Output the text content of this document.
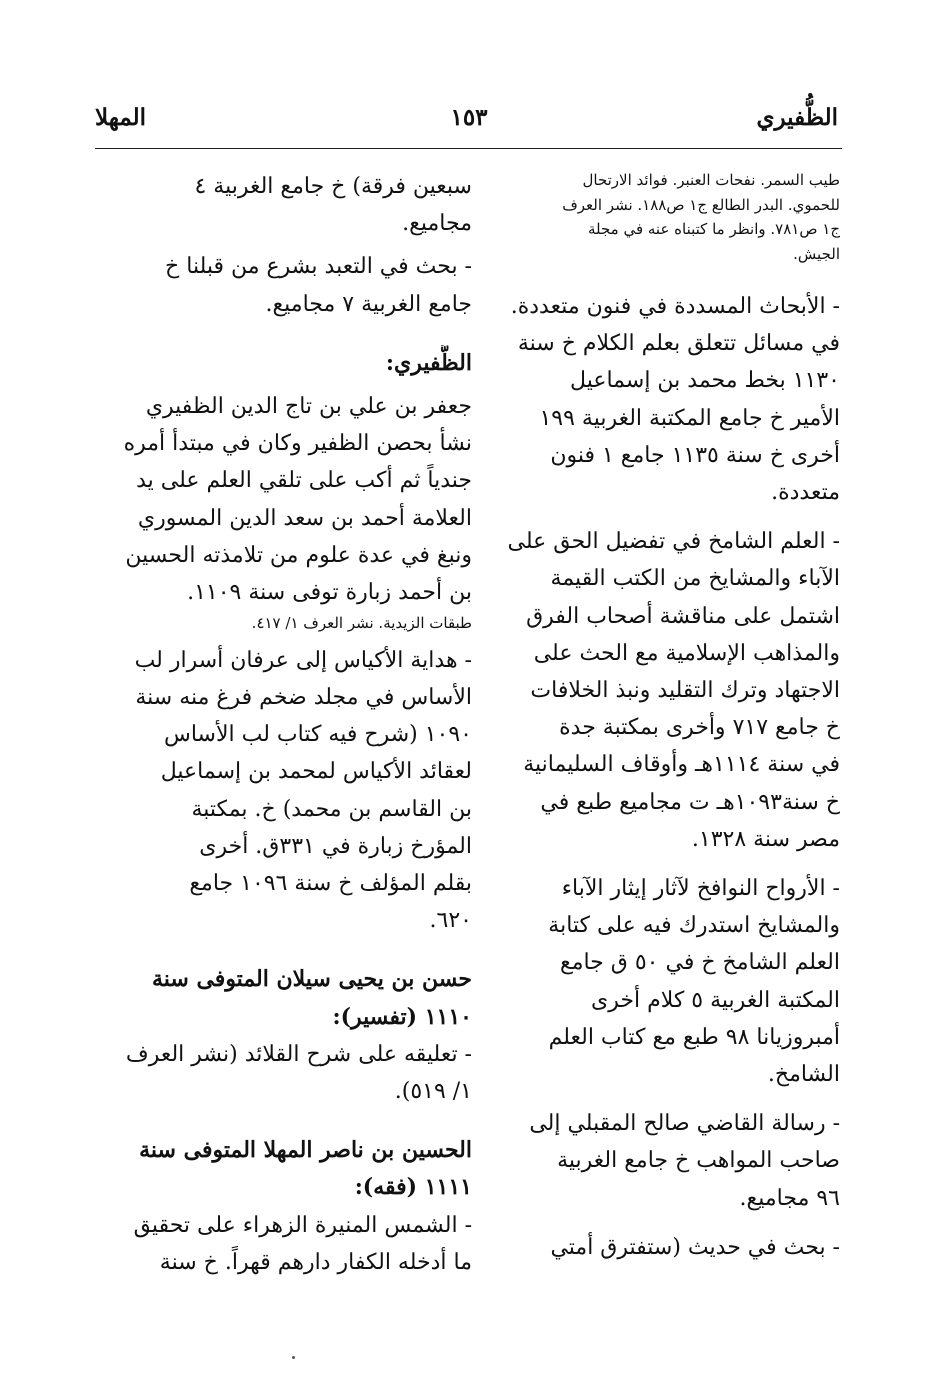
الظُّفيري
١٥٣
المهلا
طيب السمر. نفحات العنبر. فوائد الارتحال
للحموي. البدر الطالع ج١ ص١٨٨. نشر العرف
ج١ ص٧٨١. وانظر ما كتبناه عنه في مجلة
الجيش.
- الأبحاث المسددة في فنون متعددة.
في مسائل تتعلق بعلم الكلام خ سنة
١١٣٠ بخط محمد بن إسماعيل
الأمير خ جامع المكتبة الغربية ١٩٩
أخرى خ سنة ١١٣٥ جامع ١ فنون
متعددة.
- العلم الشامخ في تفضيل الحق على
الآباء والمشايخ من الكتب القيمة
اشتمل على مناقشة أصحاب الفرق
والمذاهب الإسلامية مع الحث على
الاجتهاد وترك التقليد ونبذ الخلافات
خ جامع ٧١٧ وأخرى بمكتبة جدة
في سنة ١١١٤هـ وأوقاف السليمانية
خ سنة١٠٩٣هـ ت مجاميع طبع في
مصر سنة ١٣٢٨.
- الأرواح النوافخ لآثار إيثار الآباء
والمشايخ استدرك فيه على كتابة
العلم الشامخ خ في ٥٠ ق جامع
المكتبة الغربية ٥ كلام أخرى
أمبروزيانا ٩٨ طبع مع كتاب العلم
الشامخ.
- رسالة القاضي صالح المقبلي إلى
صاحب المواهب خ جامع الغربية
٩٦ مجاميع.
- بحث في حديث (ستفترق أمتي
سبعين فرقة) خ جامع الغربية ٤
مجاميع.
- بحث في التعبد بشرع من قبلنا خ
جامع الغربية ٧ مجاميع.
الظُّفيري:
جعفر بن علي بن تاج الدين الظفيري
نشأ بحصن الظفير وكان في مبتدأ أمره
جندياً ثم أكب على تلقي العلم على يد
العلامة أحمد بن سعد الدين المسوري
ونبغ في عدة علوم من تلامذته الحسين
بن أحمد زبارة توفى سنة ١١٠٩.
طبقات الزيدية. نشر العرف ١/ ٤١٧.
- هداية الأكياس إلى عرفان أسرار لب
الأساس في مجلد ضخم فرغ منه سنة
١٠٩٠ (شرح فيه كتاب لب الأساس
لعقائد الأكياس لمحمد بن إسماعيل
بن القاسم بن محمد) خ. بمكتبة
المؤرخ زبارة في ٣٣١ق. أخرى
بقلم المؤلف خ سنة ١٠٩٦ جامع
٦٢٠.
حسن بن يحيى سيلان المتوفى سنة
١١١٠ (تفسير):
- تعليقه على شرح القلائد (نشر العرف
١/ ٥١٩).
الحسين بن ناصر المهلا المتوفى سنة
١١١١ (فقه):
- الشمس المنيرة الزهراء على تحقيق
ما أدخله الكفار دارهم قهراً. خ سنة
